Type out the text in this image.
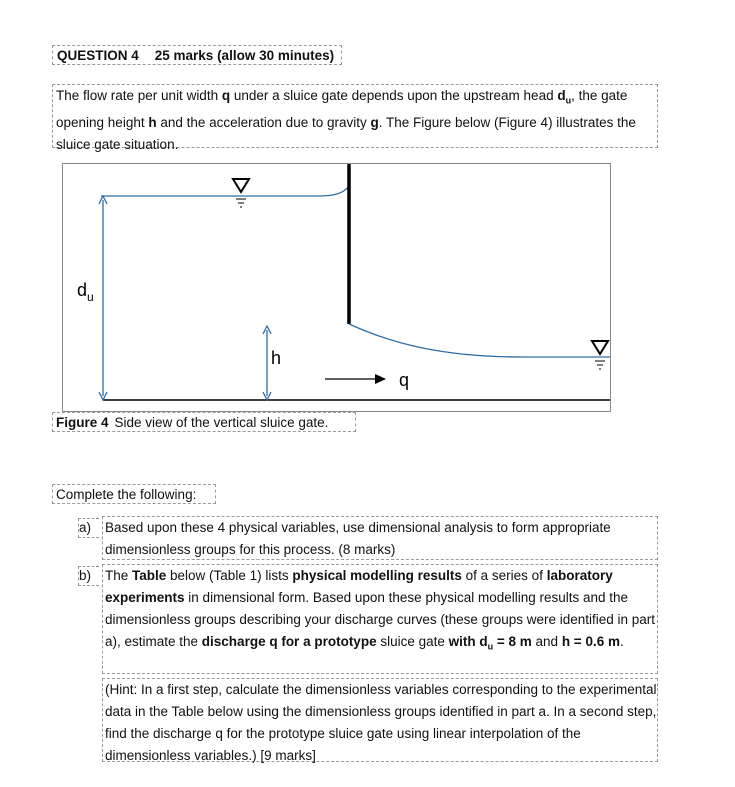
QUESTION 4 25 marks (allow 30 minutes)
The flow rate per unit width q under a sluice gate depends upon the upstream head $d_u$, the gate opening height h and the acceleration due to gravity g. The Figure below (Figure 4) illustrates the sluice gate situation.
$d_u$
h
q
Figure 4 Side view of the vertical sluice gate.
Complete the following:
a)	Based upon these 4 physical variables, use dimensional analysis to form appropriate dimensionless groups for this process. (8 marks)
b)	The Table below (Table 1) lists physical modelling results of a series of laboratory experiments in dimensional form. Based upon these physical modelling results and the dimensionless groups describing your discharge curves (these groups were identified in part a), estimate the discharge q for a prototype sluice gate with $d_u = 8$ m and h = 0.6 m.
(Hint: In a first step, calculate the dimensionless variables corresponding to the experimental data in the Table below using the dimensionless groups identified in part a. In a second step, find the discharge q for the prototype sluice gate using linear interpolation of the dimensionless variables.) [9 marks]
